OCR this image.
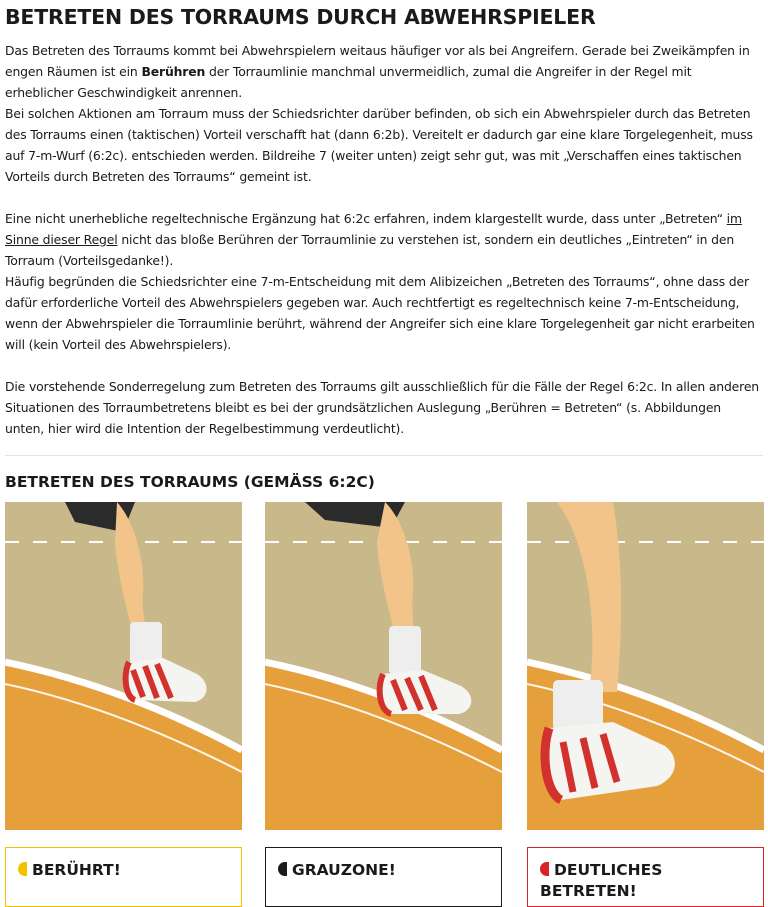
BETRETEN DES TORRAUMS DURCH ABWEHRSPIELER

Das Betreten des Torraums kommt bei Abwehrspielern weitaus häufiger vor als bei Angreifern. Gerade bei Zweikämpfen in engen Räumen ist ein Berühren der Torraumlinie manchmal unvermeidlich, zumal die Angreifer in der Regel mit erheblicher Geschwindigkeit anrennen.

Bei solchen Aktionen am Torraum muss der Schiedsrichter darüber befinden, ob sich ein Abwehrspieler durch das Betreten des Torraums einen (taktischen) Vorteil verschafft hat (dann 6:2b). Vereitelt er dadurch gar eine klare Torgelegenheit, muss auf 7-m-Wurf (6:2c). entschieden werden. Bildreihe 7 (weiter unten) zeigt sehr gut, was mit „Verschaffen eines taktischen Vorteils durch Betreten des Torraums“ gemeint ist.

Eine nicht unerhebliche regeltechnische Ergänzung hat 6:2c erfahren, indem klargestellt wurde, dass unter „Betreten“ im Sinne dieser Regel nicht das bloße Berühren der Torraumlinie zu verstehen ist, sondern ein deutliches „Eintreten“ in den Torraum (Vorteilsgedanke!).

Häufig begründen die Schiedsrichter eine 7-m-Entscheidung mit dem Alibizeichen „Betreten des Torraums“, ohne dass der dafür erforderliche Vorteil des Abwehrspielers gegeben war. Auch rechtfertigt es regeltechnisch keine 7-m-Entscheidung, wenn der Abwehrspieler die Torraumlinie berührt, während der Angreifer sich eine klare Torgelegenheit gar nicht erarbeiten will (kein Vorteil des Abwehrspielers).

Die vorstehende Sonderregelung zum Betreten des Torraums gilt ausschließlich für die Fälle der Regel 6:2c. In allen anderen Situationen des Torraumbetretens bleibt es bei der grundsätzlichen Auslegung „Berühren = Betreten“ (s. Abbildungen unten, hier wird die Intention der Regelbestimmung verdeutlicht).

BETRETEN DES TORRAUMS (GEMÄSS 6:2C)
BERÜHRT!	GRAUZONE!	DEUTLICHES BETRETEN!
